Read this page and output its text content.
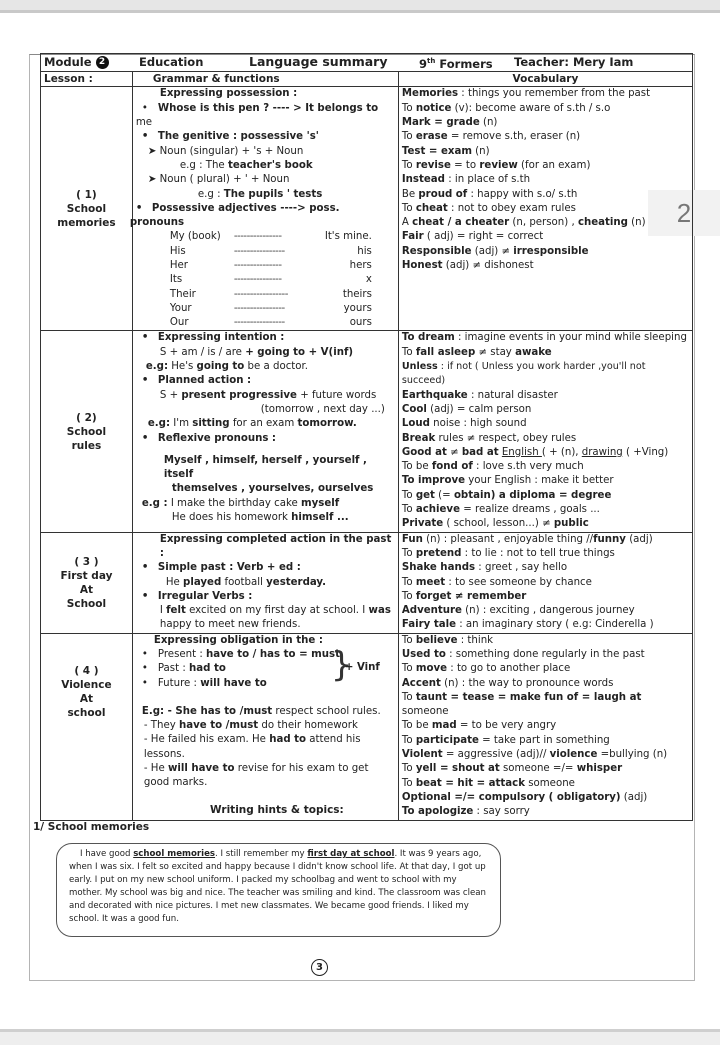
2
Module 2	Education	Language summary	9th Formers	Teacher: Mery Iam

Lesson :	Grammar & functions	Vocabulary

( 1)
School
memories

Expressing possession :
• Whose is this pen ? ---- > It belongs to me
• The genitive : possessive 's'
➤ Noun (singular) + 's + Noun
e.g : The teacher's book
➤ Noun ( plural) + ' + Noun
e.g : The pupils ' tests
• Possessive adjectives ----> poss. pronouns
My (book)	---------------	It's mine.
His	----------------	his
Her	---------------	hers
Its	---------------	x
Their	-----------------	theirs
Your	----------------	yours
Our	----------------	ours

Memories : things you remember from the past
To notice (v): become aware of s.th / s.o
Mark = grade (n)
To erase = remove s.th, eraser (n)
Test = exam (n)
To revise = to review (for an exam)
Instead : in place of s.th
Be proud of : happy with s.o/ s.th
To cheat : not to obey exam rules
A cheat / a cheater (n, person) , cheating (n)
Fair ( adj) = right = correct
Responsible (adj) ≠ irresponsible
Honest (adj) ≠ dishonest

( 2)
School
rules

• Expressing intention :
S + am / is / are + going to + V(inf)
e.g: He's going to be a doctor.
• Planned action :
S + present progressive + future words
(tomorrow , next day ...)
e.g: I'm sitting for an exam tomorrow.
• Reflexive pronouns :
Myself , himself, herself , yourself , itself
themselves , yourselves, ourselves
e.g : I make the birthday cake myself
He does his homework himself ...

To dream : imagine events in your mind while sleeping
To fall asleep ≠ stay awake
Unless : if not ( Unless you work harder ,you'll not succeed)
Earthquake : natural disaster
Cool (adj) = calm person
Loud noise : high sound
Break rules ≠ respect, obey rules
Good at ≠ bad at English ( + (n), drawing ( +Ving)
To be fond of : love s.th very much
To improve your English : make it better
To get (= obtain) a diploma = degree
To achieve = realize dreams , goals ...
Private ( school, lesson...) ≠ public

( 3 )
First day
At
School

Expressing completed action in the past :
• Simple past : Verb + ed :
He played football yesterday.
• Irregular Verbs :
I felt excited on my first day at school. I was
happy to meet new friends.

Fun (n) : pleasant , enjoyable thing //funny (adj)
To pretend : to lie : not to tell true things
Shake hands : greet , say hello
To meet : to see someone by chance
To forget ≠ remember
Adventure (n) : exciting , dangerous journey
Fairy tale : an imaginary story ( e.g: Cinderella )

( 4 )
Violence
At
school

Expressing obligation in the :
• Present : have to / has to = must
• Past : had to
• Future : will have to	}
+ Vinf
E.g: - She has to /must respect school rules.
- They have to /must do their homework
- He failed his exam. He had to attend his lessons.
- He will have to revise for his exam to get good marks.

To believe : think
Used to : something done regularly in the past
To move : to go to another place
Accent (n) : the way to pronounce words
To taunt = tease = make fun of = laugh at someone
To be mad = to be very angry
To participate = take part in something
Violent = aggressive (adj)// violence =bullying (n)
To yell = shout at someone =/= whisper
To beat = hit = attack someone
Optional =/= compulsory ( obligatory) (adj)
To apologize : say sorry
Writing hints & topics:
1/ School memories
I have good school memories. I still remember my first day at school. It was 9 years ago, when I was six. I felt so excited and happy because I didn't know school life. At that day, I got up early. I put on my new school uniform. I packed my schoolbag and went to school with my mother. My school was big and nice. The teacher was smiling and kind. The classroom was clean and decorated with nice pictures. I met new classmates. We became good friends. I liked my school. It was a good fun.
3
